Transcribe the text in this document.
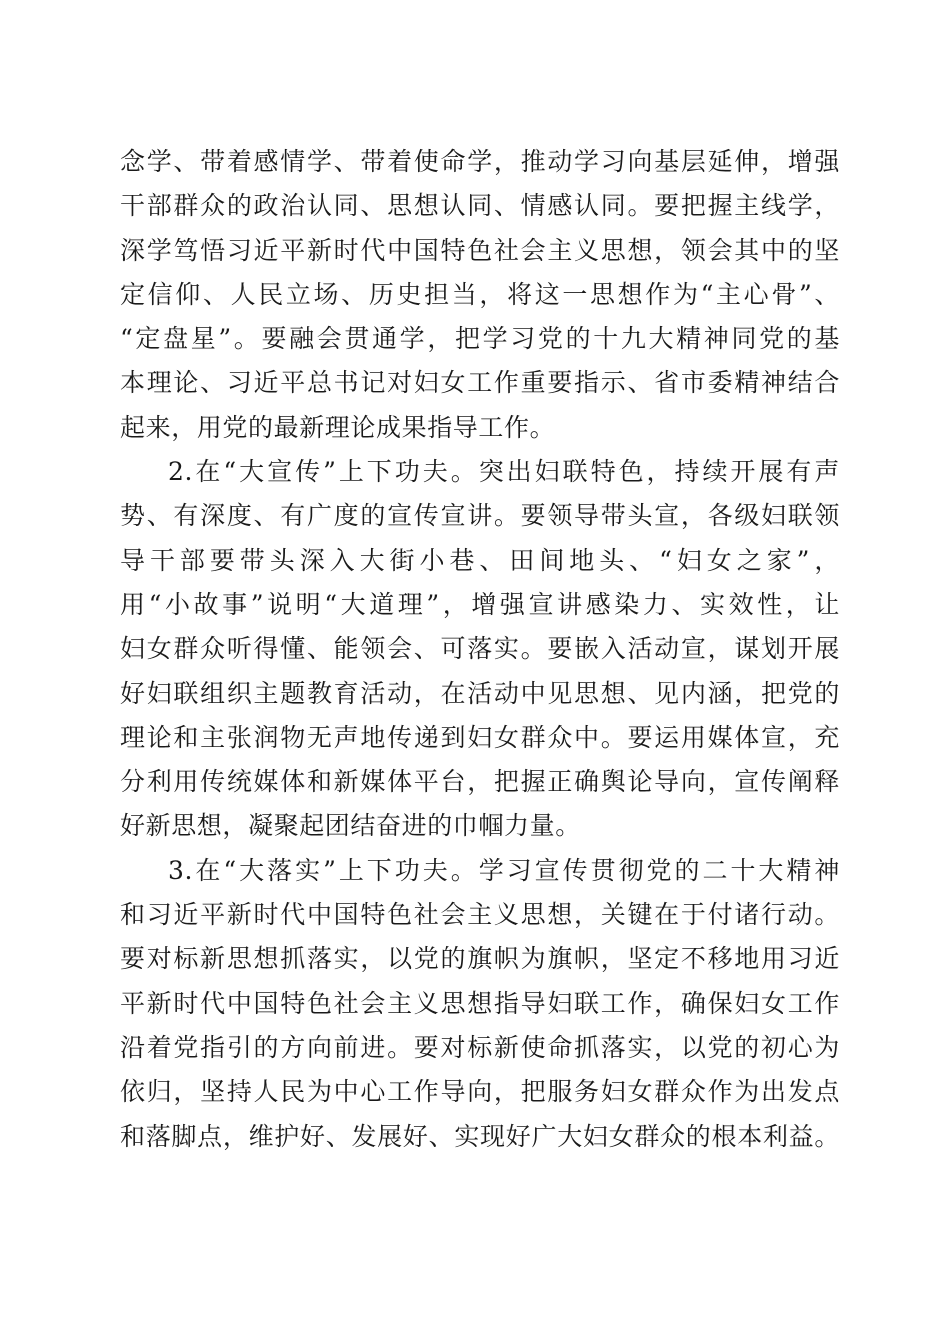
念学、带着感情学、带着使命学，推动学习向基层延伸，增强
干部群众的政治认同、思想认同、情感认同。要把握主线学，
深学笃悟习近平新时代中国特色社会主义思想，领会其中的坚
定信仰、人民立场、历史担当，将这一思想作为“主心骨”、
“定盘星”。要融会贯通学，把学习党的十九大精神同党的基
本理论、习近平总书记对妇女工作重要指示、省市委精神结合
起来，用党的最新理论成果指导工作。
2.在“大宣传”上下功夫。突出妇联特色，持续开展有声
势、有深度、有广度的宣传宣讲。要领导带头宣，各级妇联领
导干部要带头深入大街小巷、田间地头、“妇女之家”，
用“小故事”说明“大道理”，增强宣讲感染力、实效性，让
妇女群众听得懂、能领会、可落实。要嵌入活动宣，谋划开展
好妇联组织主题教育活动，在活动中见思想、见内涵，把党的
理论和主张润物无声地传递到妇女群众中。要运用媒体宣，充
分利用传统媒体和新媒体平台，把握正确舆论导向，宣传阐释
好新思想，凝聚起团结奋进的巾帼力量。
3.在“大落实”上下功夫。学习宣传贯彻党的二十大精神
和习近平新时代中国特色社会主义思想，关键在于付诸行动。
要对标新思想抓落实，以党的旗帜为旗帜，坚定不移地用习近
平新时代中国特色社会主义思想指导妇联工作，确保妇女工作
沿着党指引的方向前进。要对标新使命抓落实，以党的初心为
依归，坚持人民为中心工作导向，把服务妇女群众作为出发点
和落脚点，维护好、发展好、实现好广大妇女群众的根本利益。
